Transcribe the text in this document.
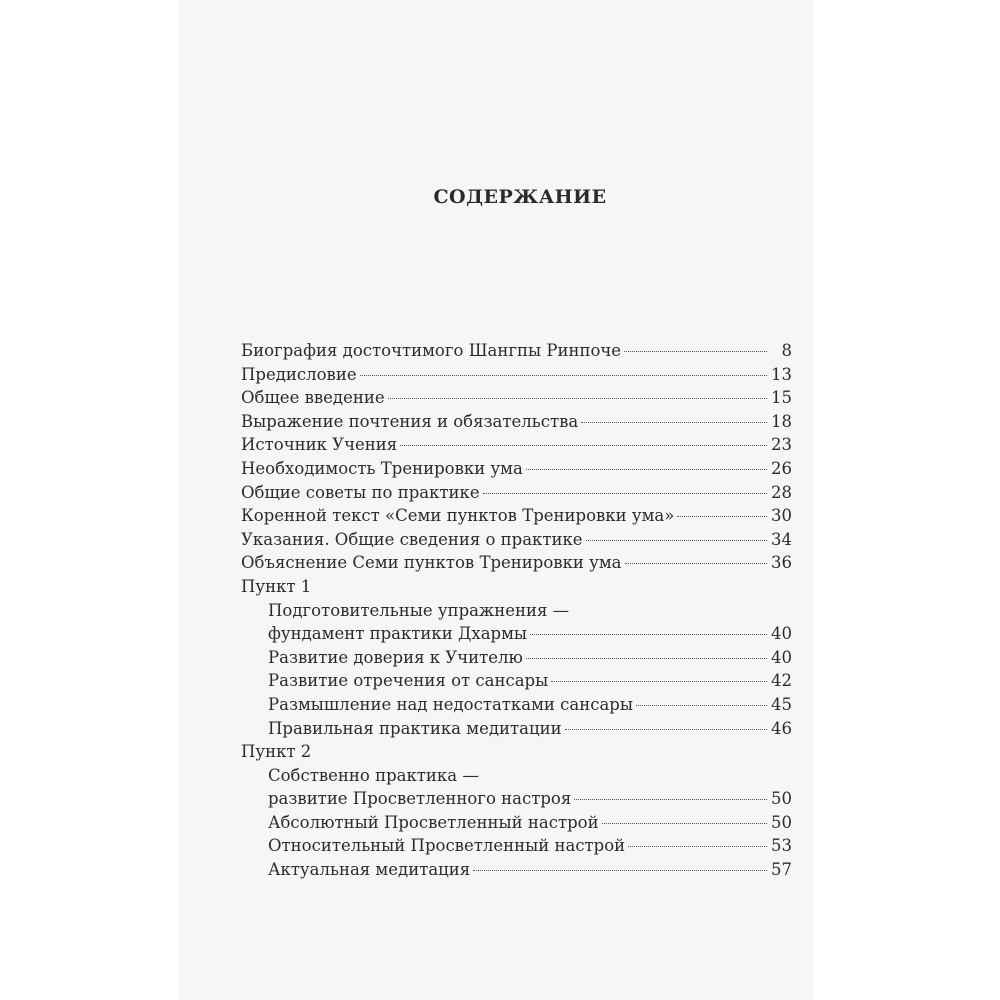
СОДЕРЖАНИЕ
Биография досточтимого Шангпы Ринпоче	8
Предисловие	13
Общее введение	15
Выражение почтения и обязательства	18
Источник Учения	23
Необходимость Тренировки ума	26
Общие советы по практике	28
Коренной текст «Семи пунктов Тренировки ума»	30
Указания. Общие сведения о практике	34
Объяснение Семи пунктов Тренировки ума	36
Пункт 1
Подготовительные упражнения —
фундамент практики Дхармы	40
Развитие доверия к Учителю	40
Развитие отречения от сансары	42
Размышление над недостатками сансары	45
Правильная практика медитации	46
Пункт 2
Собственно практика —
развитие Просветленного настроя	50
Абсолютный Просветленный настрой	50
Относительный Просветленный настрой	53
Актуальная медитация	57
